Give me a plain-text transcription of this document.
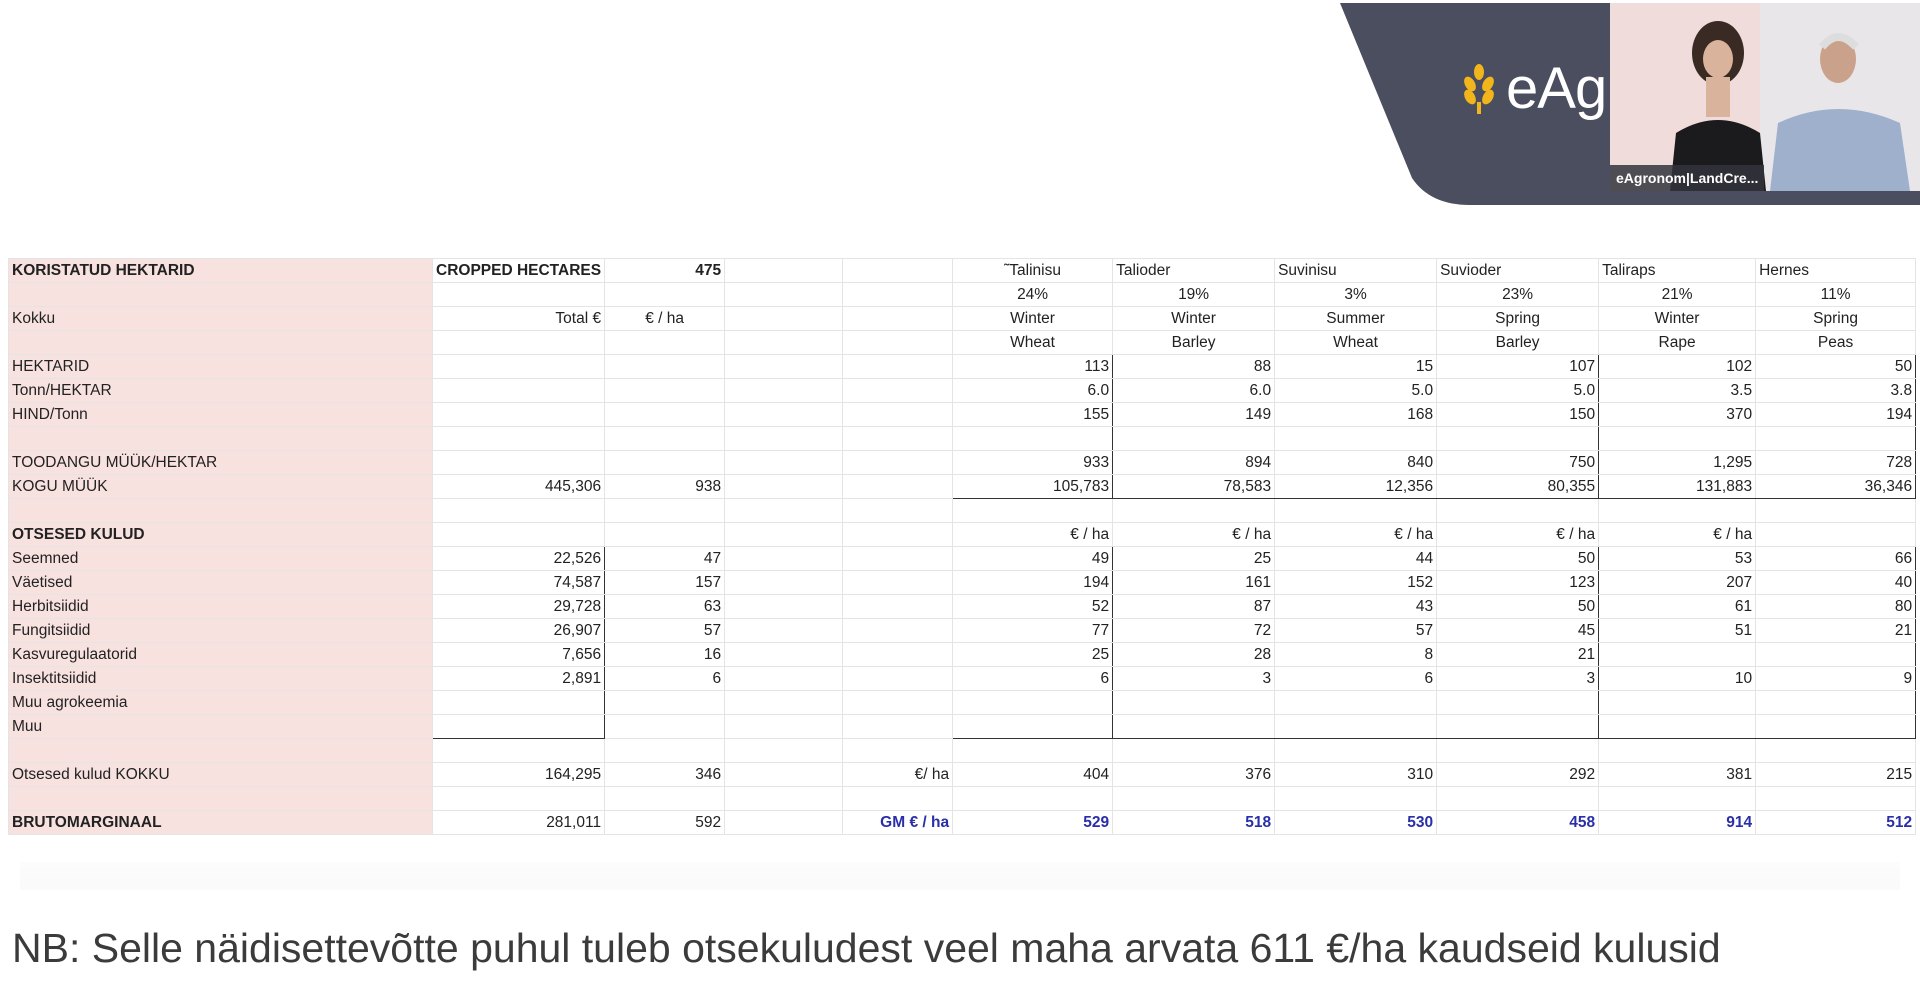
eAg
eAgronom|LandCre...
KORISTATUD HEKTARID	CROPPED HECTARES	475			˜Talinisu	Talioder	Suvinisu	Suvioder	Taliraps	Hernes
					24%	19%	3%	23%	21%	11%
Kokku	Total €	€ / ha			Winter	Winter	Summer	Spring	Winter	Spring
					Wheat	Barley	Wheat	Barley	Rape	Peas
HEKTARID					113	88	15	107	102	50
Tonn/HEKTAR					6.0	6.0	5.0	5.0	3.5	3.8
HIND/Tonn					155	149	168	150	370	194

TOODANGU MÜÜK/HEKTAR					933	894	840	750	1,295	728
KOGU MÜÜK	445,306	938			105,783	78,583	12,356	80,355	131,883	36,346

OTSESED KULUD					€ / ha	€ / ha	€ / ha	€ / ha	€ / ha	
Seemned	22,526	47			49	25	44	50	53	66
Väetised	74,587	157			194	161	152	123	207	40
Herbitsiidid	29,728	63			52	87	43	50	61	80
Fungitsiidid	26,907	57			77	72	57	45	51	21
Kasvuregulaatorid	7,656	16			25	28	8	21		
Insektitsiidid	2,891	6			6	3	6	3	10	9
Muu agrokeemia										
Muu										

Otsesed kulud KOKKU	164,295	346		€/ ha	404	376	310	292	381	215

BRUTOMARGINAAL	281,011	592		GM € / ha	529	518	530	458	914	512
NB: Selle näidisettevõtte puhul tuleb otsekuludest veel maha arvata 611 €/ha kaudseid kulusid
